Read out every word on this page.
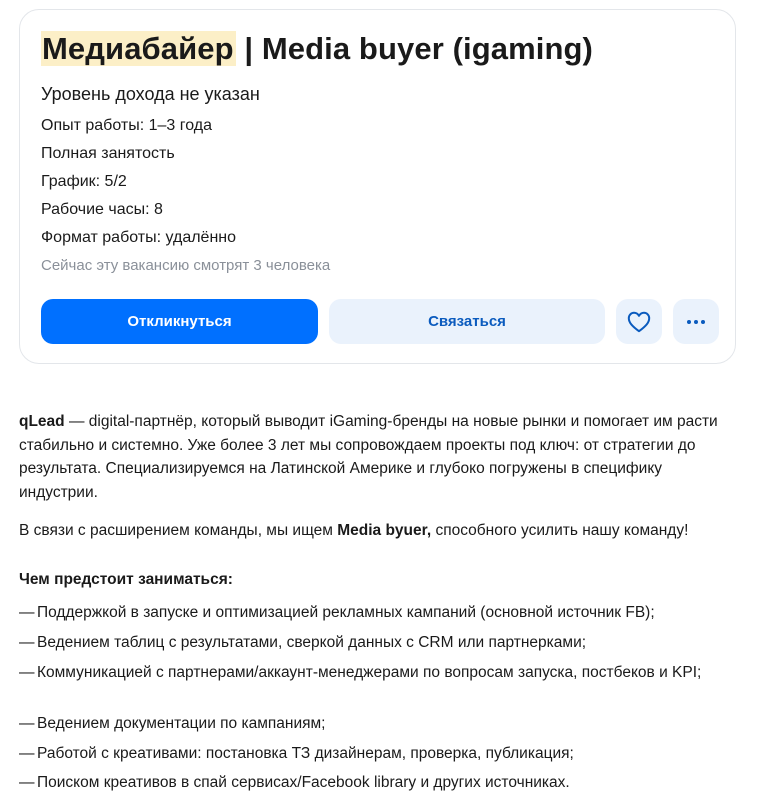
Медиабайер | Media buyer (igaming)
Уровень дохода не указан
Опыт работы: 1–3 года
Полная занятость
График: 5/2
Рабочие часы: 8
Формат работы: удалённо
Сейчас эту вакансию смотрят 3 человека
Откликнуться	Связаться
qLead — digital-партнёр, который выводит iGaming-бренды на новые рынки и помогает им расти стабильно и системно. Уже более 3 лет мы сопровождаем проекты под ключ: от стратегии до результата. Специализируемся на Латинской Америке и глубоко погружены в специфику индустрии.
В связи с расширением команды, мы ищем Media byuer, способного усилить нашу команду!
Чем предстоит заниматься:
— Поддержкой в запуске и оптимизацией рекламных кампаний (основной источник FB);
— Ведением таблиц с результатами, сверкой данных с CRM или партнерками;
— Коммуникацией с партнерами/аккаунт-менеджерами по вопросам запуска, постбеков и KPI;
— Ведением документации по кампаниям;
— Работой с креативами: постановка ТЗ дизайнерам, проверка, публикация;
— Поиском креативов в спай сервисах/Facebook library и других источниках.
